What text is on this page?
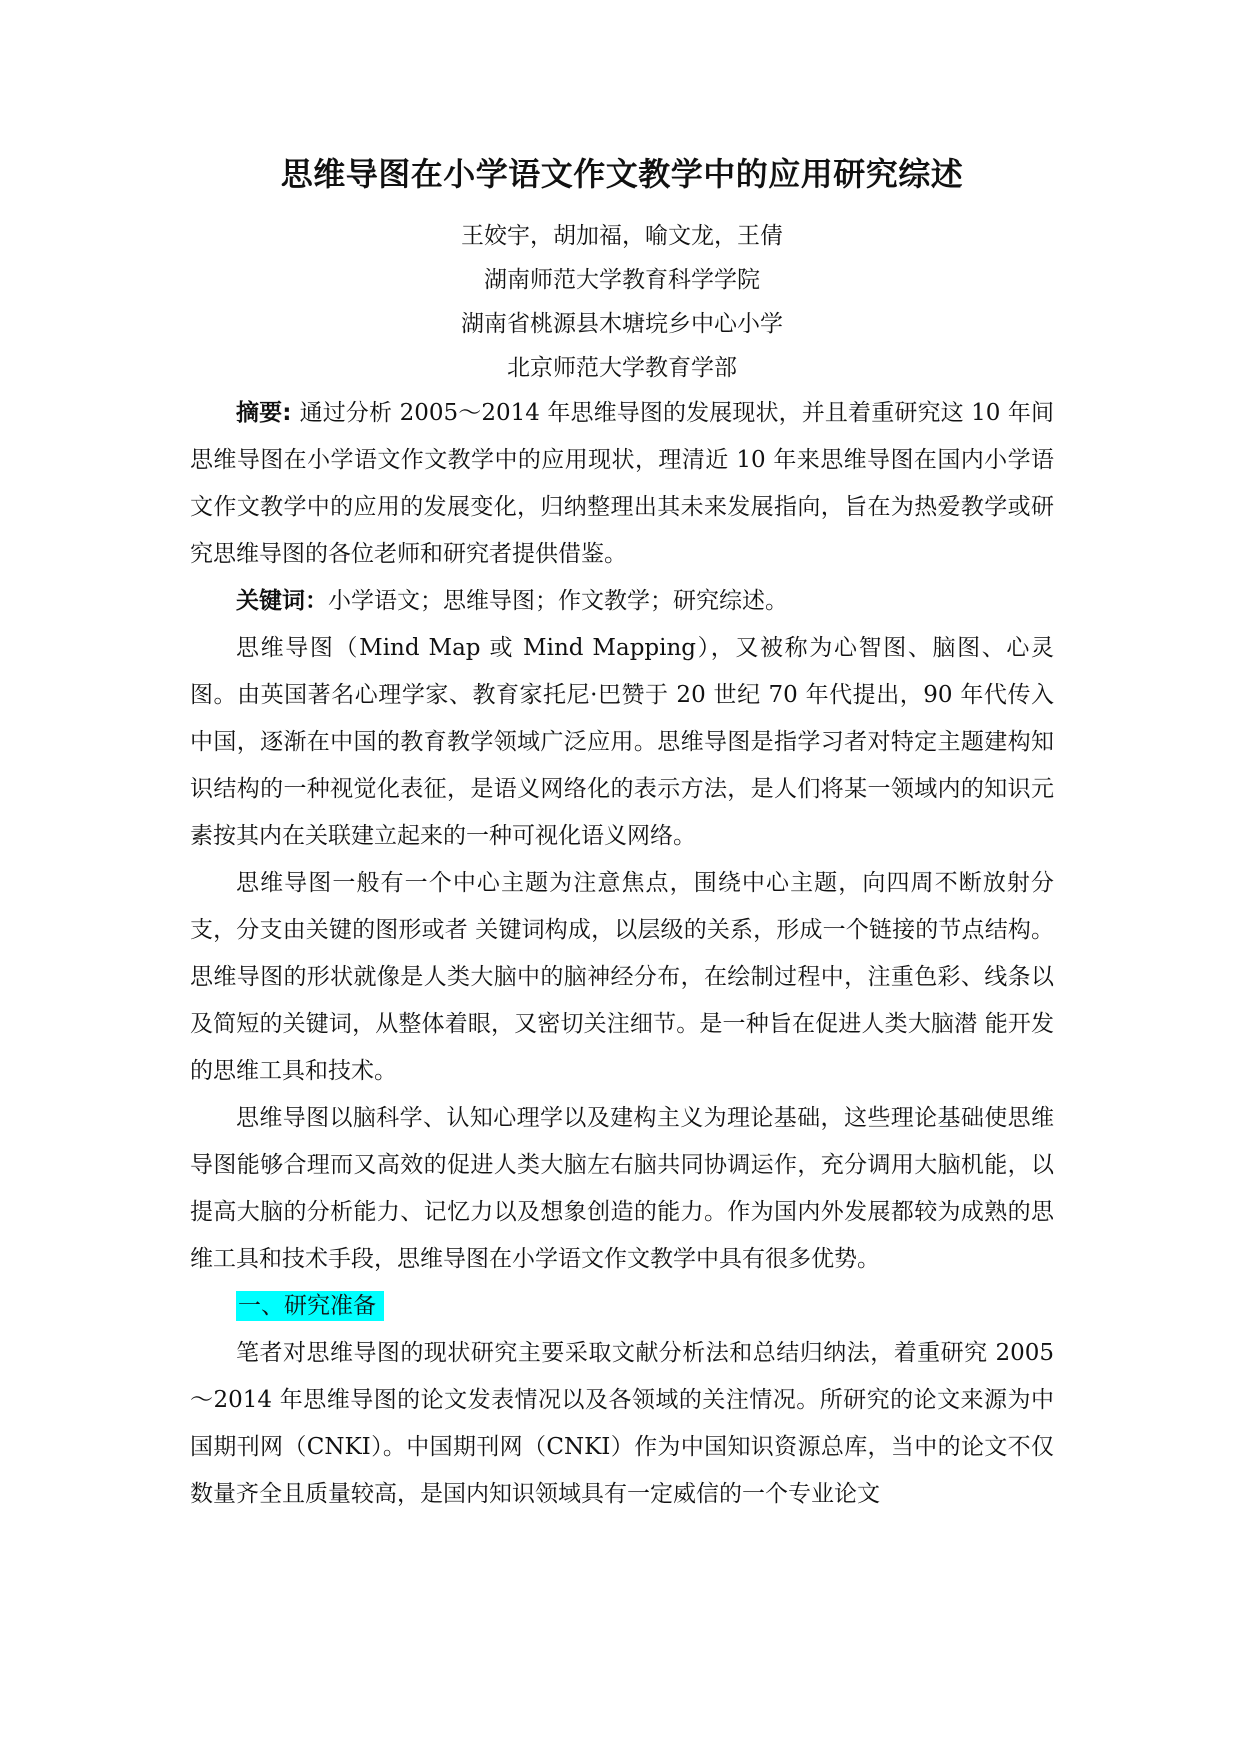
思维导图在小学语文作文教学中的应用研究综述

王姣宇，胡加福，喻文龙，王倩

湖南师范大学教育科学学院

湖南省桃源县木塘垸乡中心小学

北京师范大学教育学部

摘要: 通过分析 2005～2014 年思维导图的发展现状，并且着重研究这 10 年间思维导图在小学语文作文教学中的应用现状，理清近 10 年来思维导图在国内小学语文作文教学中的应用的发展变化，归纳整理出其未来发展指向，旨在为热爱教学或研究思维导图的各位老师和研究者提供借鉴。

关键词：小学语文；思维导图；作文教学；研究综述。

思维导图（Mind Map 或 Mind Mapping），又被称为心智图、脑图、心灵图。由英国著名心理学家、教育家托尼·巴赞于 20 世纪 70 年代提出，90 年代传入中国，逐渐在中国的教育教学领域广泛应用。思维导图是指学习者对特定主题建构知识结构的一种视觉化表征，是语义网络化的表示方法，是人们将某一领域内的知识元素按其内在关联建立起来的一种可视化语义网络。

思维导图一般有一个中心主题为注意焦点，围绕中心主题，向四周不断放射分支，分支由关键的图形或者 关键词构成，以层级的关系，形成一个链接的节点结构。思维导图的形状就像是人类大脑中的脑神经分布，在绘制过程中，注重色彩、线条以及简短的关键词，从整体着眼，又密切关注细节。是一种旨在促进人类大脑潜 能开发的思维工具和技术。

思维导图以脑科学、认知心理学以及建构主义为理论基础，这些理论基础使思维导图能够合理而又高效的促进人类大脑左右脑共同协调运作，充分调用大脑机能，以提高大脑的分析能力、记忆力以及想象创造的能力。作为国内外发展都较为成熟的思维工具和技术手段，思维导图在小学语文作文教学中具有很多优势。

一、研究准备

笔者对思维导图的现状研究主要采取文献分析法和总结归纳法，着重研究 2005～2014 年思维导图的论文发表情况以及各领域的关注情况。所研究的论文来源为中国期刊网（CNKI）。中国期刊网（CNKI）作为中国知识资源总库，当中的论文不仅数量齐全且质量较高，是国内知识领域具有一定威信的一个专业论文
